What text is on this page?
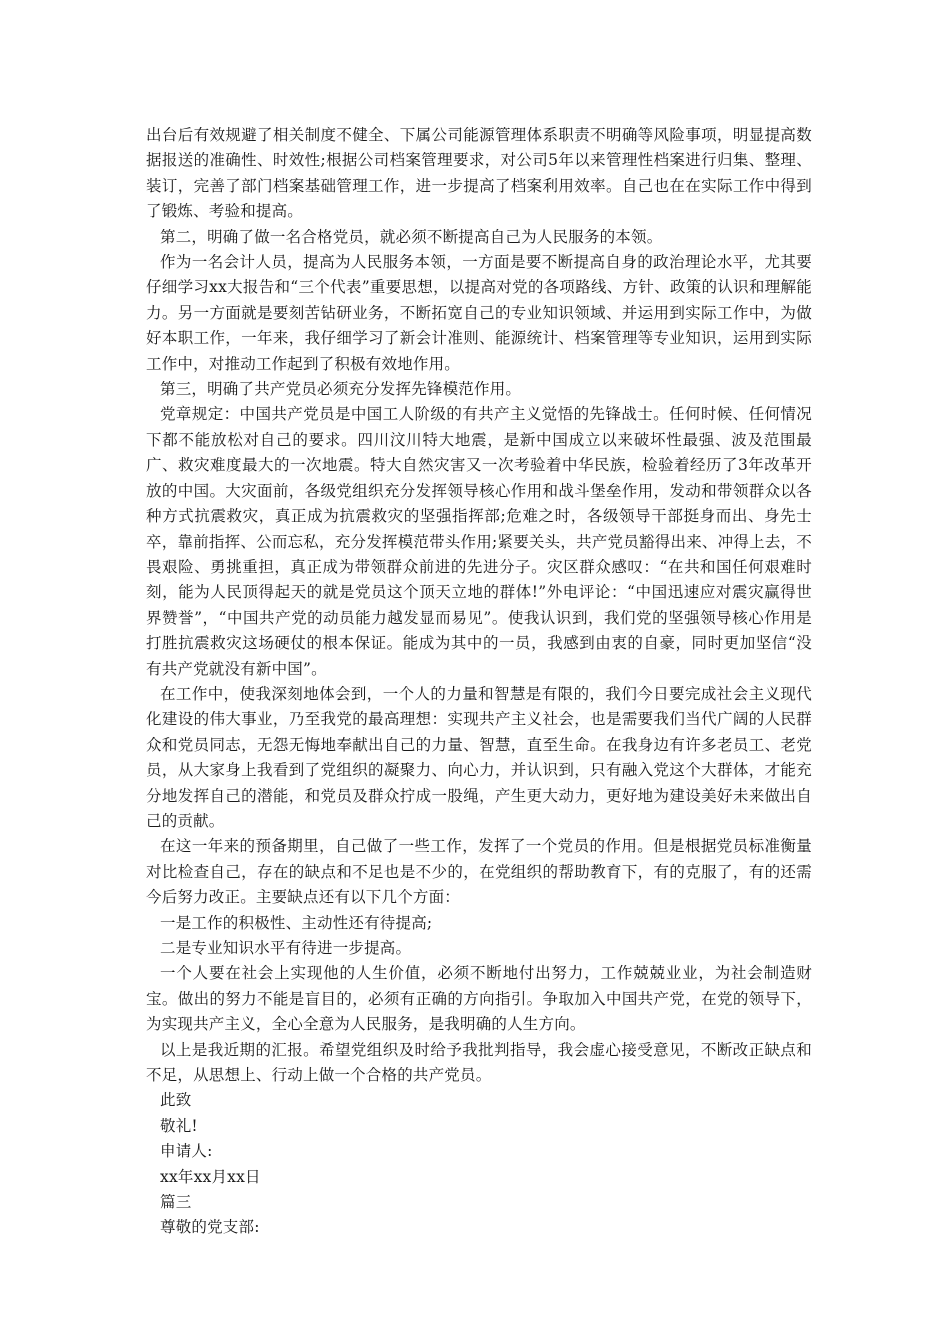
出台后有效规避了相关制度不健全、下属公司能源管理体系职责不明确等风险事项，明显提高数据报送的准确性、时效性;根据公司档案管理要求，对公司5年以来管理性档案进行归集、整理、装订，完善了部门档案基础管理工作，进一步提高了档案利用效率。自己也在在实际工作中得到了锻炼、考验和提高。

第二，明确了做一名合格党员，就必须不断提高自己为人民服务的本领。

作为一名会计人员，提高为人民服务本领，一方面是要不断提高自身的政治理论水平，尤其要仔细学习xx大报告和“三个代表”重要思想，以提高对党的各项路线、方针、政策的认识和理解能力。另一方面就是要刻苦钻研业务，不断拓宽自己的专业知识领域、并运用到实际工作中，为做好本职工作，一年来，我仔细学习了新会计准则、能源统计、档案管理等专业知识，运用到实际工作中，对推动工作起到了积极有效地作用。

第三，明确了共产党员必须充分发挥先锋模范作用。

党章规定：中国共产党员是中国工人阶级的有共产主义觉悟的先锋战士。任何时候、任何情况下都不能放松对自己的要求。四川汶川特大地震，是新中国成立以来破坏性最强、波及范围最广、救灾难度最大的一次地震。特大自然灾害又一次考验着中华民族，检验着经历了3年改革开放的中国。大灾面前，各级党组织充分发挥领导核心作用和战斗堡垒作用，发动和带领群众以各种方式抗震救灾，真正成为抗震救灾的坚强指挥部;危难之时，各级领导干部挺身而出、身先士卒，靠前指挥、公而忘私，充分发挥模范带头作用;紧要关头，共产党员豁得出来、冲得上去，不畏艰险、勇挑重担，真正成为带领群众前进的先进分子。灾区群众感叹：“在共和国任何艰难时刻，能为人民顶得起天的就是党员这个顶天立地的群体!”外电评论：“中国迅速应对震灾赢得世界赞誉”，“中国共产党的动员能力越发显而易见”。使我认识到，我们党的坚强领导核心作用是打胜抗震救灾这场硬仗的根本保证。能成为其中的一员，我感到由衷的自豪，同时更加坚信“没有共产党就没有新中国”。

在工作中，使我深刻地体会到，一个人的力量和智慧是有限的，我们今日要完成社会主义现代化建设的伟大事业，乃至我党的最高理想：实现共产主义社会，也是需要我们当代广阔的人民群众和党员同志，无怨无悔地奉献出自己的力量、智慧，直至生命。在我身边有许多老员工、老党员，从大家身上我看到了党组织的凝聚力、向心力，并认识到，只有融入党这个大群体，才能充分地发挥自己的潜能，和党员及群众拧成一股绳，产生更大动力，更好地为建设美好未来做出自己的贡献。

在这一年来的预备期里，自己做了一些工作，发挥了一个党员的作用。但是根据党员标准衡量对比检查自己，存在的缺点和不足也是不少的，在党组织的帮助教育下，有的克服了，有的还需今后努力改正。主要缺点还有以下几个方面：

一是工作的积极性、主动性还有待提高;

二是专业知识水平有待进一步提高。

一个人要在社会上实现他的人生价值，必须不断地付出努力，工作兢兢业业，为社会制造财宝。做出的努力不能是盲目的，必须有正确的方向指引。争取加入中国共产党，在党的领导下，为实现共产主义，全心全意为人民服务，是我明确的人生方向。

以上是我近期的汇报。希望党组织及时给予我批判指导，我会虚心接受意见，不断改正缺点和不足，从思想上、行动上做一个合格的共产党员。

此致

敬礼!

申请人:

xx年xx月xx日

篇三

尊敬的党支部:
